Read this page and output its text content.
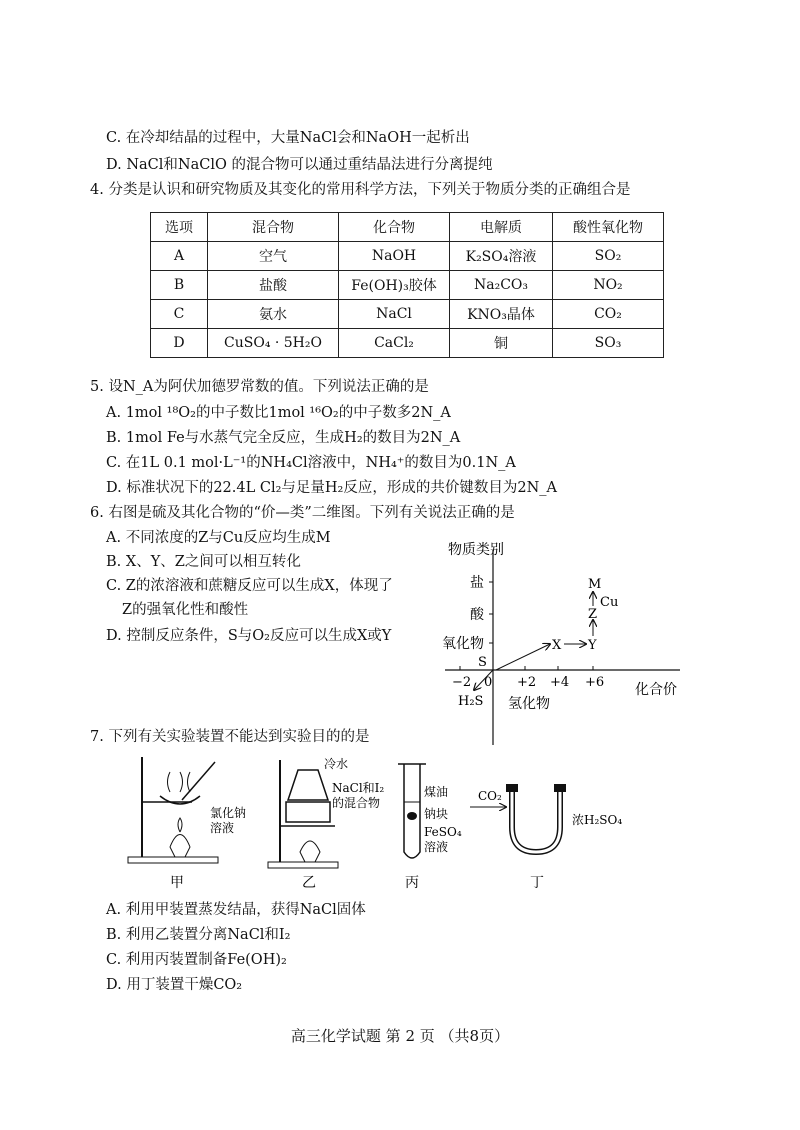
C. 在冷却结晶的过程中，大量NaCl会和NaOH一起析出
D. NaCl和NaClO 的混合物可以通过重结晶法进行分离提纯
4. 分类是认识和研究物质及其变化的常用科学方法，下列关于物质分类的正确组合是
选项	混合物	化合物	电解质	酸性氧化物
A	空气	NaOH	K₂SO₄溶液	SO₂
B	盐酸	Fe(OH)₃胶体	Na₂CO₃	NO₂
C	氨水	NaCl	KNO₃晶体	CO₂
D	CuSO₄ · 5H₂O	CaCl₂	铜	SO₃
5. 设N_A为阿伏加德罗常数的值。下列说法正确的是
A. 1mol ¹⁸O₂的中子数比1mol ¹⁶O₂的中子数多2N_A
B. 1mol Fe与水蒸气完全反应，生成H₂的数目为2N_A
C. 在1L 0.1 mol·L⁻¹的NH₄Cl溶液中，NH₄⁺的数目为0.1N_A
D. 标准状况下的22.4L Cl₂与足量H₂反应，形成的共价键数目为2N_A
6. 右图是硫及其化合物的“价—类”二维图。下列有关说法正确的是
A. 不同浓度的Z与Cu反应均生成M
B. X、Y、Z之间可以相互转化
C. Z的浓溶液和蔗糖反应可以生成X，体现了
Z的强氧化性和酸性
D. 控制反应条件，S与O₂反应可以生成X或Y
物质类别
化合价
盐
酸
氧化物
氢化物
−2 0 +2 +4 +6
S
H₂S
X Y
Z
M
Cu
7. 下列有关实验装置不能达到实验目的的是
氯化钠 溶液
冷水
NaCl和I₂ 的混合物
煤油
钠块
FeSO₄ 溶液
CO₂
浓H₂SO₄
甲	乙	丙	丁
A. 利用甲装置蒸发结晶，获得NaCl固体
B. 利用乙装置分离NaCl和I₂
C. 利用丙装置制备Fe(OH)₂
D. 用丁装置干燥CO₂
高三化学试题 第 2 页 （共8页）
